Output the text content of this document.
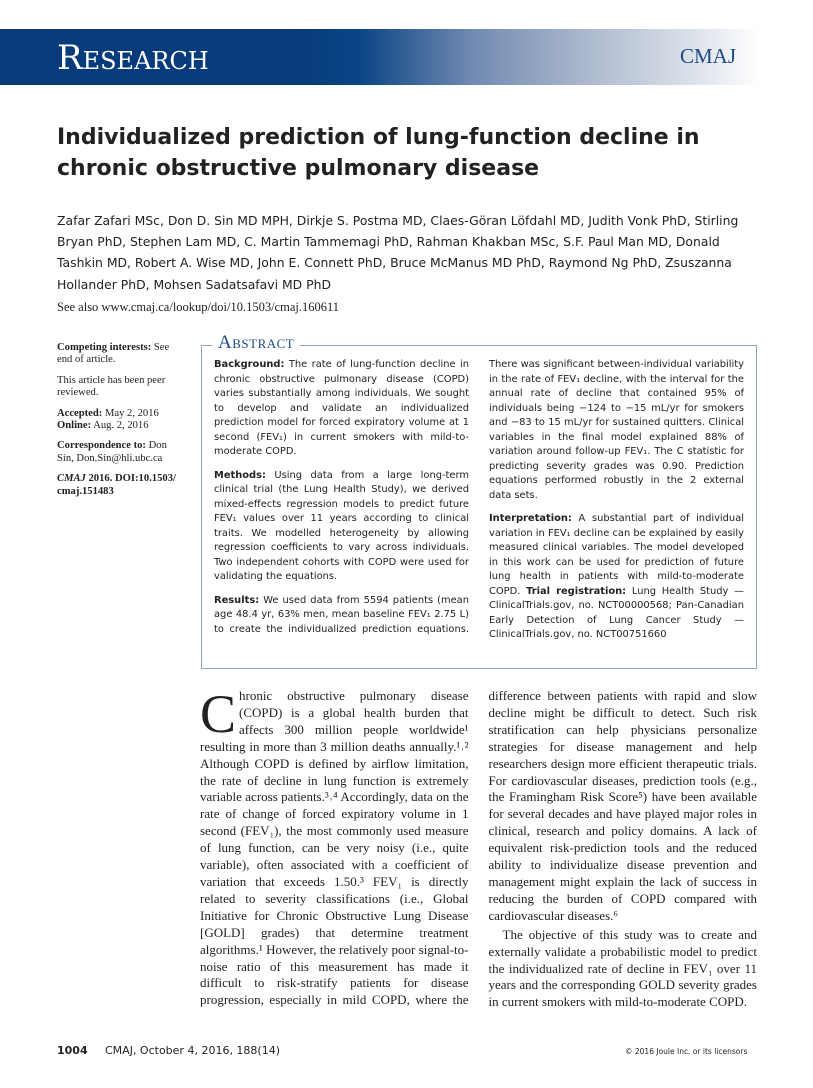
Research	CMAJ
Individualized prediction of lung-function decline in chronic obstructive pulmonary disease
Zafar Zafari MSc, Don D. Sin MD MPH, Dirkje S. Postma MD, Claes-Göran Löfdahl MD, Judith Vonk PhD, Stirling Bryan PhD, Stephen Lam MD, C. Martin Tammemagi PhD, Rahman Khakban MSc, S.F. Paul Man MD, Donald Tashkin MD, Robert A. Wise MD, John E. Connett PhD, Bruce McManus MD PhD, Raymond Ng PhD, Zsuszanna Hollander PhD, Mohsen Sadatsafavi MD PhD
See also www.cmaj.ca/lookup/doi/10.1503/cmaj.160611

Competing interests: See end of article.

This article has been peer reviewed.

Accepted: May 2, 2016
Online: Aug. 2, 2016

Correspondence to: Don Sin, Don.Sin@hli.ubc.ca

CMAJ 2016. DOI:10.1503/ cmaj.151483

Abstract

Background: The rate of lung-function decline in chronic obstructive pulmonary disease (COPD) varies substantially among individuals. We sought to develop and validate an individualized prediction model for forced expiratory volume at 1 second (FEV₁) in current smokers with mild-to-moderate COPD.

Methods: Using data from a large long-term clinical trial (the Lung Health Study), we derived mixed-effects regression models to predict future FEV₁ values over 11 years according to clinical traits. We modelled heterogeneity by allowing regression coefficients to vary across individuals. Two independent cohorts with COPD were used for validating the equations.

Results: We used data from 5594 patients (mean age 48.4 yr, 63% men, mean baseline FEV₁ 2.75 L) to create the individualized prediction equations. There was significant between-individual variability in the rate of FEV₁ decline, with the interval for the annual rate of decline that contained 95% of individuals being −124 to −15 mL/yr for smokers and −83 to 15 mL/yr for sustained quitters. Clinical variables in the final model explained 88% of variation around follow-up FEV₁. The C statistic for predicting severity grades was 0.90. Prediction equations performed robustly in the 2 external data sets.

Interpretation: A substantial part of individual variation in FEV₁ decline can be explained by easily measured clinical variables. The model developed in this work can be used for prediction of future lung health in patients with mild-to-moderate COPD. Trial registration: Lung Health Study — ClinicalTrials.gov, no. NCT00000568; Pan-Canadian Early Detection of Lung Cancer Study — ClinicalTrials.gov, no. NCT00751660

Chronic obstructive pulmonary disease (COPD) is a global health burden that affects 300 million people worldwide¹ resulting in more than 3 million deaths annually.¹˒² Although COPD is defined by airflow limitation, the rate of decline in lung function is extremely variable across patients.³˒⁴ Accordingly, data on the rate of change of forced expiratory volume in 1 second (FEV₁), the most commonly used measure of lung function, can be very noisy (i.e., quite variable), often associated with a coefficient of variation that exceeds 1.50.³ FEV₁ is directly related to severity classifications (i.e., Global Initiative for Chronic Obstructive Lung Disease [GOLD] grades) that determine treatment algorithms.¹ However, the relatively poor signal-to-noise ratio of this measurement has made it difficult to risk-stratify patients for disease progression, especially in mild COPD, where the difference between patients with rapid and slow decline might be difficult to detect. Such risk stratification can help physicians personalize strategies for disease management and help researchers design more efficient therapeutic trials. For cardiovascular diseases, prediction tools (e.g., the Framingham Risk Score⁵) have been available for several decades and have played major roles in clinical, research and policy domains. A lack of equivalent risk-prediction tools and the reduced ability to individualize disease prevention and management might explain the lack of success in reducing the burden of COPD compared with cardiovascular diseases.⁶

The objective of this study was to create and externally validate a probabilistic model to predict the individualized rate of decline in FEV₁ over 11 years and the corresponding GOLD severity grades in current smokers with mild-to-moderate COPD.

1004 CMAJ, October 4, 2016, 188(14)	© 2016 Joule Inc. or its licensors
